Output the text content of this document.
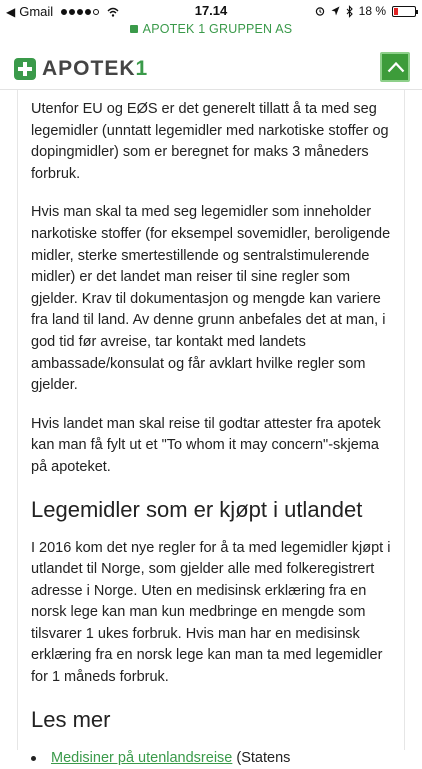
◀ Gmail	17.14	18 %
APOTEK 1 GRUPPEN AS
APOTEK1

Utenfor EU og EØS er det generelt tillatt å ta med seg legemidler (unntatt legemidler med narkotiske stoffer og dopingmidler) som er beregnet for maks 3 måneders forbruk.

Hvis man skal ta med seg legemidler som inneholder narkotiske stoffer (for eksempel sovemidler, beroligende midler, sterke smertestillende og sentralstimulerende midler) er det landet man reiser til sine regler som gjelder. Krav til dokumentasjon og mengde kan variere fra land til land. Av denne grunn anbefales det at man, i god tid før avreise, tar kontakt med landets ambassade/konsulat og får avklart hvilke regler som gjelder.

Hvis landet man skal reise til godtar attester fra apotek kan man få fylt ut et "To whom it may concern"-skjema på apoteket.

Legemidler som er kjøpt i utlandet

I 2016 kom det nye regler for å ta med legemidler kjøpt i utlandet til Norge, som gjelder alle med folkeregistrert adresse i Norge. Uten en medisinsk erklæring fra en norsk lege kan man kun medbringe en mengde som tilsvarer 1 ukes forbruk. Hvis man har en medisinsk erklæring fra en norsk lege kan man ta med legemidler for 1 måneds forbruk.

Les mer
Medisiner på utenlandsreise (Statens
